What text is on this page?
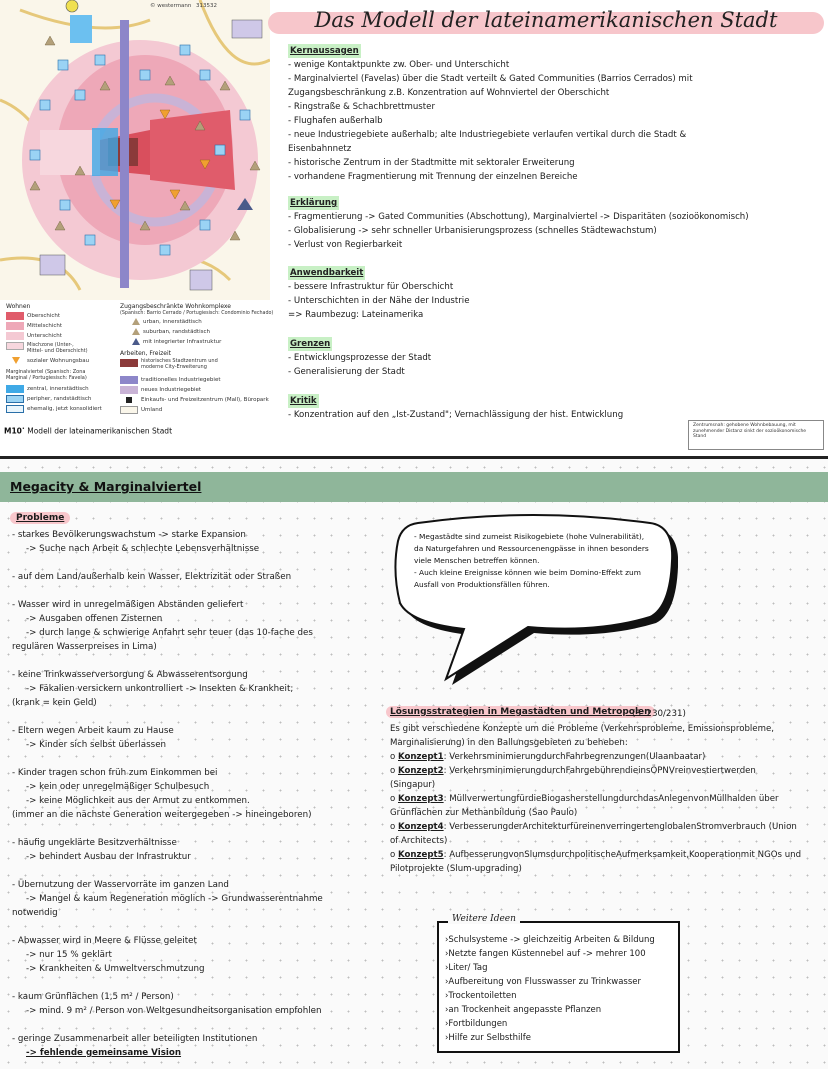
© westermann 313532
Wohnen
Oberschicht
Mittelschicht
Unterschicht
Mischzone (Unter-, Mittel- und Oberschicht)
sozialer Wohnungsbau
Marginalviertel (Spanisch: Zona Marginal / Portugiesisch: Favela)
zentral, innerstädtisch
peripher, randstädtisch
ehemalig, jetzt konsolidiert
Zugangsbeschränkte Wohnkomplexe
(Spanisch: Barrio Cerrado / Portugiesisch: Condominio Fechado)
urban, innerstädtisch
suburban, randstädtisch
mit integrierter Infrastruktur
Arbeiten, Freizeit
historisches Stadtzentrum und moderne City-Erweiterung
traditionelles Industriegebiet
neues Industriegebiet
Einkaufs- und Freizeitzentrum (Mall), Büropark
Umland
M10• Modell der lateinamerikanischen Stadt
Das Modell der lateinamerikanischen Stadt
Kernaussagen
- wenige Kontaktpunkte zw. Ober- und Unterschicht
- Marginalviertel (Favelas) über die Stadt verteilt & Gated Communities (Barrios Cerrados) mit
Zugangsbeschränkung z.B. Konzentration auf Wohnviertel der Oberschicht
- Ringstraße & Schachbrettmuster
- Flughafen außerhalb
- neue Industriegebiete außerhalb; alte Industriegebiete verlaufen vertikal durch die Stadt &
Eisenbahnnetz
- historische Zentrum in der Stadtmitte mit sektoraler Erweiterung
- vorhandene Fragmentierung mit Trennung der einzelnen Bereiche
Erklärung
- Fragmentierung -> Gated Communities (Abschottung), Marginalviertel -> Disparitäten (sozioökonomisch)
- Globalisierung -> sehr schneller Urbanisierungsprozess (schnelles Städtewachstum)
- Verlust von Regierbarkeit
Anwendbarkeit
- bessere Infrastruktur für Oberschicht
- Unterschichten in der Nähe der Industrie
=> Raumbezug: Lateinamerika
Grenzen
- Entwicklungsprozesse der Stadt
- Generalisierung der Stadt
Kritik
- Konzentration auf den „Ist-Zustand"; Vernachlässigung der hist. Entwicklung
Zentrumsnah: gehobene Wohnbebauung, mit zunehmender Distanz sinkt der sozioökonomische Stand
Megacity & Marginalviertel
Probleme
- starkes Bevölkerungswachstum -> starke Expansion
-> Suche nach Arbeit & schlechte Lebensverhältnisse
- auf dem Land/außerhalb kein Wasser, Elektrizität oder Straßen
- Wasser wird in unregelmäßigen Abständen geliefert
-> Ausgaben offenen Zisternen
-> durch lange & schwierige Anfahrt sehr teuer (das 10-fache des
regulären Wasserpreises in Lima)
- keine Trinkwasserversorgung & Abwasserentsorgung
-> Fäkalien versickern unkontrolliert -> Insekten & Krankheit;
(krank = kein Geld)
- Eltern wegen Arbeit kaum zu Hause
-> Kinder sich selbst überlassen
- Kinder tragen schon früh zum Einkommen bei
-> kein oder unregelmäßiger Schulbesuch
-> keine Möglichkeit aus der Armut zu entkommen.
(immer an die nächste Generation weitergegeben -> hineingeboren)
- häufig ungeklärte Besitzverhältnisse
-> behindert Ausbau der Infrastruktur
- Übernutzung der Wasservorräte im ganzen Land
-> Mangel & kaum Regeneration möglich -> Grundwasserentnahme
notwendig
- Abwasser wird in Meere & Flüsse geleitet
-> nur 15 % geklärt
-> Krankheiten & Umweltverschmutzung
- kaum Grünflächen (1,5 m² / Person)
-> mind. 9 m² / Person von Weltgesundheitsorganisation empfohlen
- geringe Zusammenarbeit aller beteiligten Institutionen
-> fehlende gemeinsame Vision
- Megastädte sind zumeist Risikogebiete (hohe Vulnerabilität),
da Naturgefahren und Ressourcenengpässe in ihnen besonders
viele Menschen betreffen können.
- Auch kleine Ereignisse können wie beim Domino-Effekt zum
Ausfall von Produktionsfällen führen.
Lösungsstrategien in Megastädten und Metropolen
(S. 230/231)
Es gibt verschiedene Konzepte um die Probleme (Verkehrsprobleme, Emissionsprobleme,
Marginalisierung) in den Ballungsgebieten zu beheben:
o Konzept1: VerkehrsminimierungdurchFahrbegrenzungen(Ulaanbaatar)
o Konzept2: VerkehrsminimierungdurchFahrgebührendieinsÖPNVreinvestiertwerden
(Singapur)
o Konzept3: MüllverwertungfürdieBiogasherstellungdurchdasAnlegenvonMüllhalden über
Grünflächen zur Methanbildung (Sao Paulo)
o Konzept4: VerbesserungderArchitekturfüreinenverringertenglobalenStromverbrauch (Union
of Architects)
o Konzept5: AufbesserungvonSlumsdurchpolitischeAufmerksamkeit,Kooperationmit NGOs und
Pilotprojekte (Slum-upgrading)
Weitere Ideen
›Schulsysteme -> gleichzeitig Arbeiten & Bildung
›Netzte fangen Küstennebel auf -> mehrer 100
›Liter/ Tag
›Aufbereitung von Flusswasser zu Trinkwasser
›Trockentoiletten
›an Trockenheit angepasste Pflanzen
›Fortbildungen
›Hilfe zur Selbsthilfe
